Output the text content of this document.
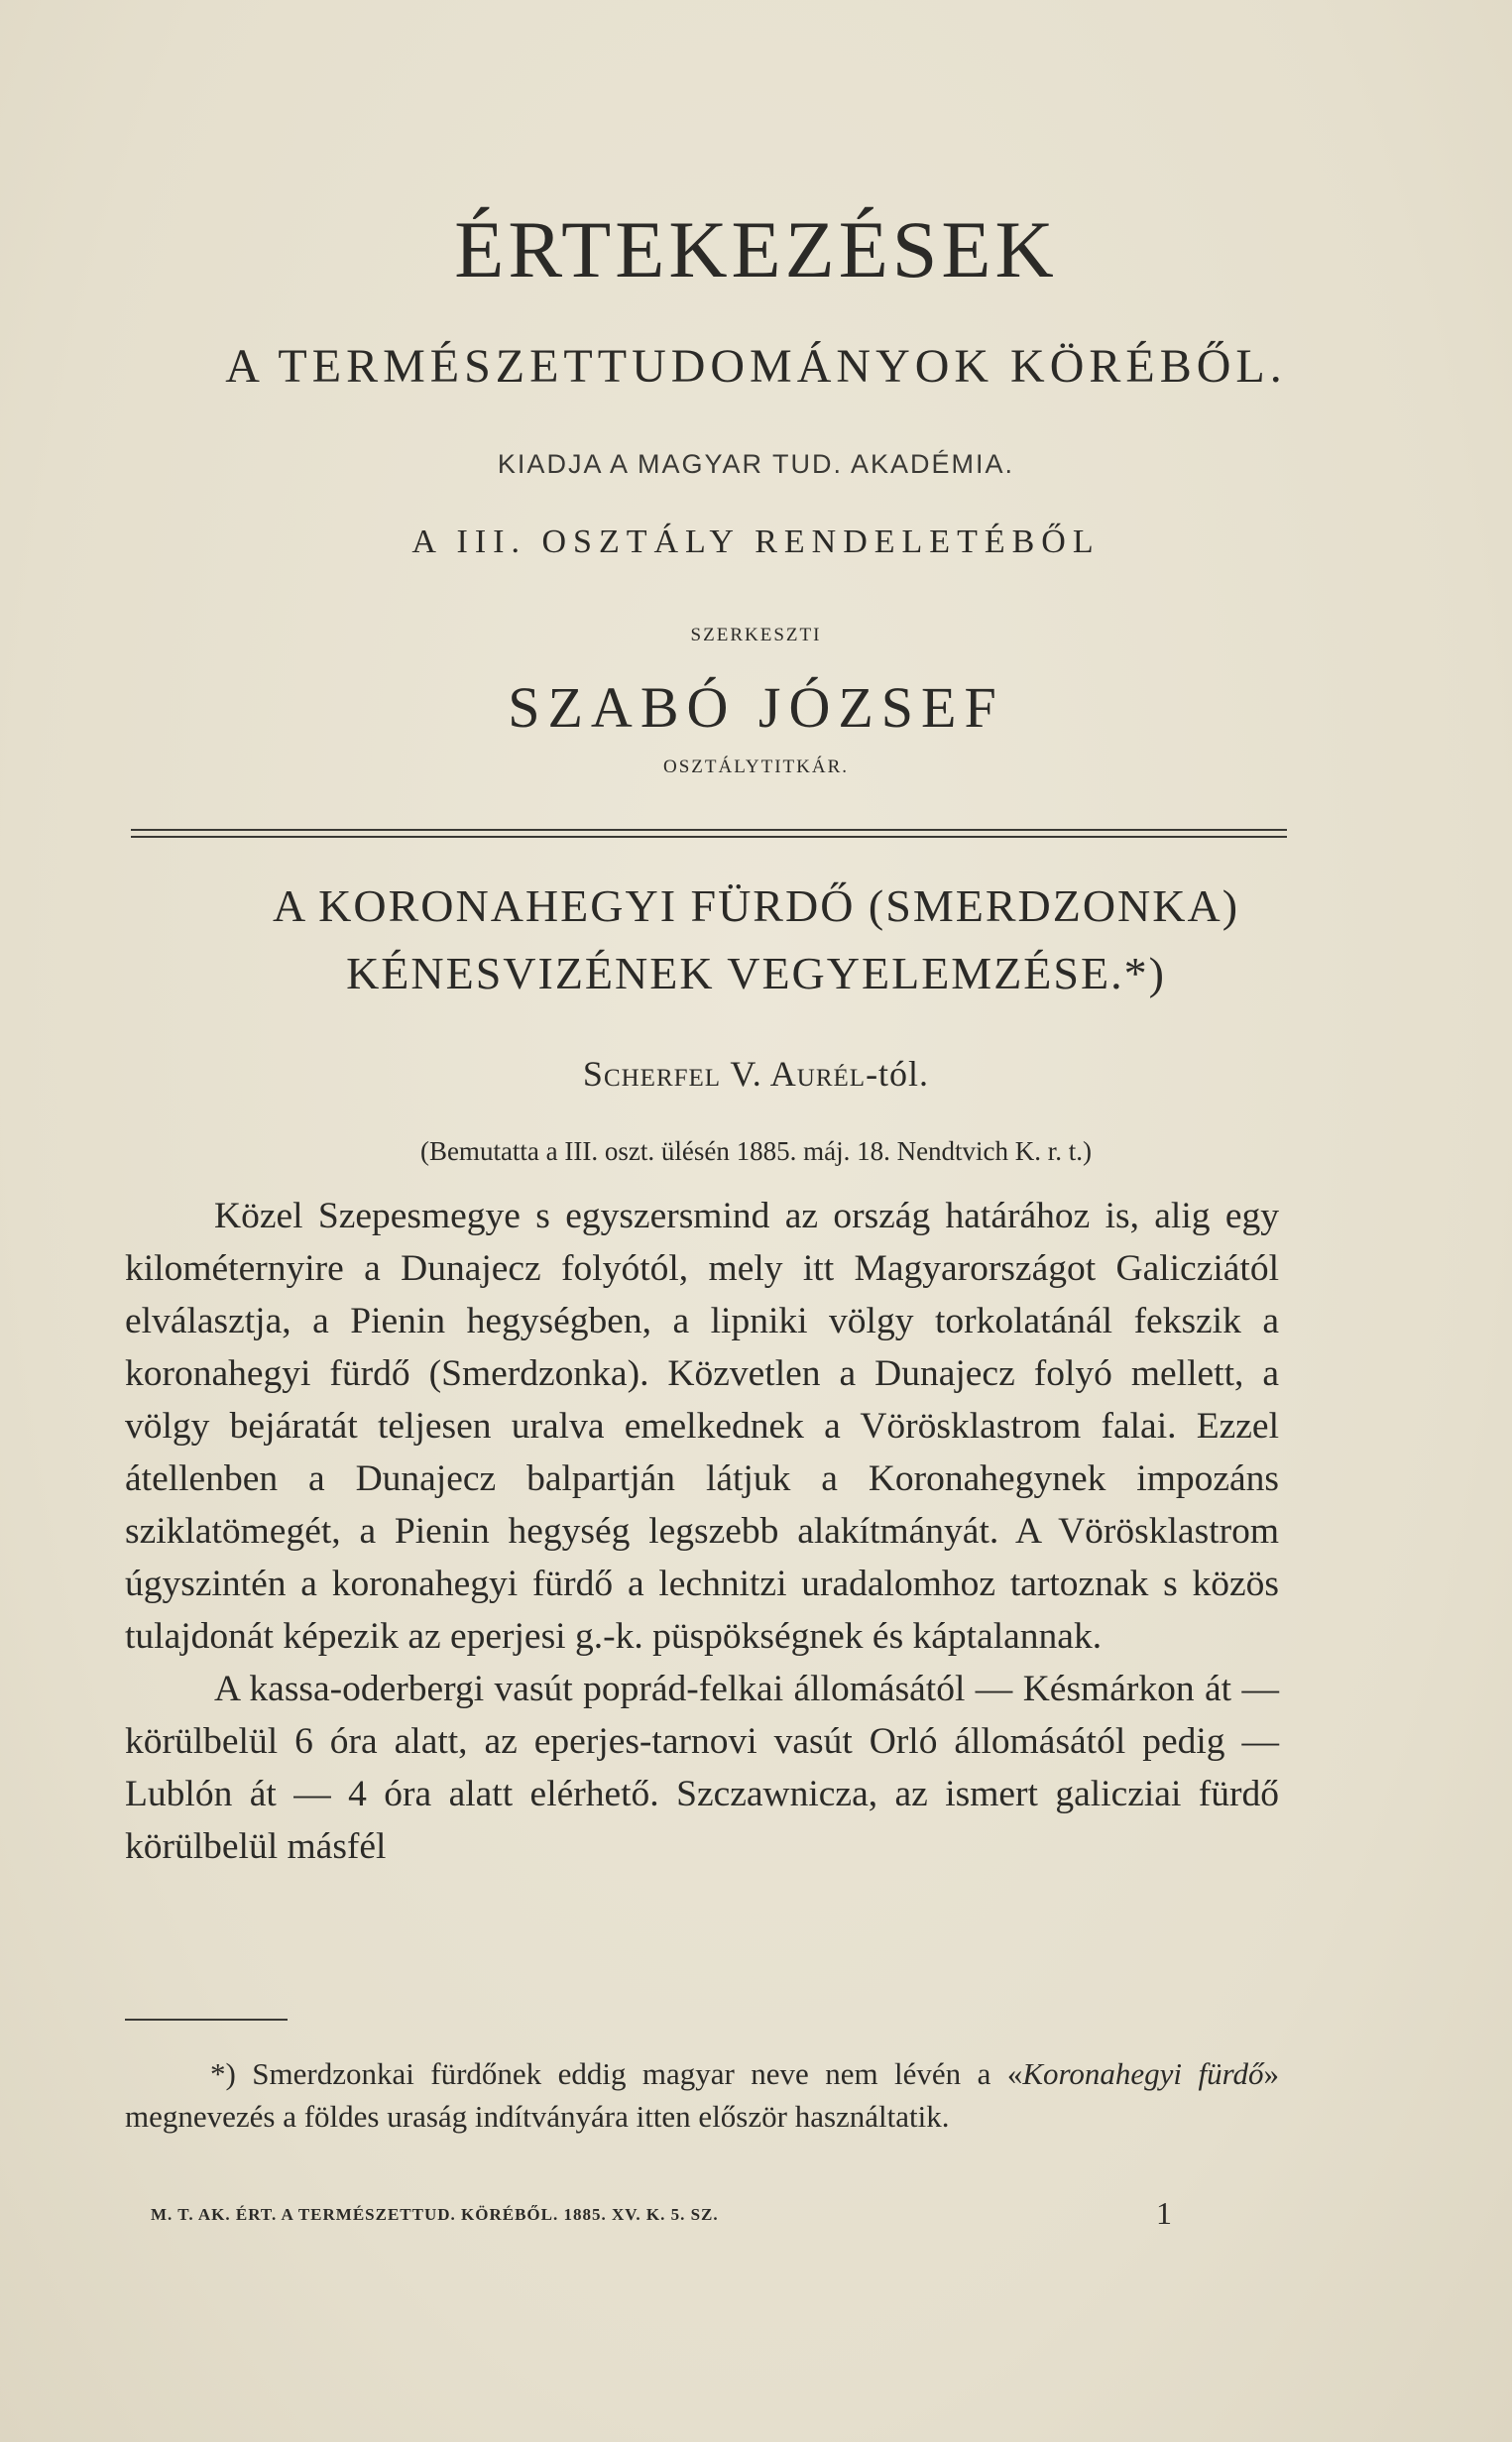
ÉRTEKEZÉSEK
A TERMÉSZETTUDOMÁNYOK KÖRÉBŐL.
KIADJA A MAGYAR TUD. AKADÉMIA.
A III. OSZTÁLY RENDELETÉBŐL
SZERKESZTI
SZABÓ JÓZSEF
OSZTÁLYTITKÁR.
A KORONAHEGYI FÜRDŐ (SMERDZONKA)
KÉNESVIZÉNEK VEGYELEMZÉSE.*)
Scherfel V. Aurél-tól.
(Bemutatta a III. oszt. ülésén 1885. máj. 18. Nendtvich K. r. t.)

Közel Szepesmegye s egyszersmind az ország határához is, alig egy kilométernyire a Dunajecz folyótól, mely itt Magyarországot Galicziától elválasztja, a Pienin hegységben, a lipniki völgy torkolatánál fekszik a koronahegyi fürdő (Smerdzonka). Közvetlen a Dunajecz folyó mellett, a völgy bejáratát teljesen uralva emelkednek a Vörösklastrom falai. Ezzel átellenben a Dunajecz balpartján látjuk a Koronahegynek impozáns sziklatömegét, a Pienin hegység legszebb alakítmányát. A Vörösklastrom úgyszintén a koronahegyi fürdő a lechnitzi uradalomhoz tartoznak s közös tulajdonát képezik az eperjesi g.-k. püspökségnek és káptalannak.

A kassa-oderbergi vasút poprád-felkai állomásától — Késmárkon át — körülbelül 6 óra alatt, az eperjes-tarnovi vasút Orló állomásától pedig — Lublón át — 4 óra alatt elérhető. Szczawnicza, az ismert galicziai fürdő körülbelül másfél

*) Smerdzonkai fürdőnek eddig magyar neve nem lévén a «Koronahegyi fürdő» megnevezés a földes uraság indítványára itten először használtatik.

M. T. AK. ÉRT. A TERMÉSZETTUD. KÖRÉBŐL. 1885. XV. K. 5. SZ.	1
